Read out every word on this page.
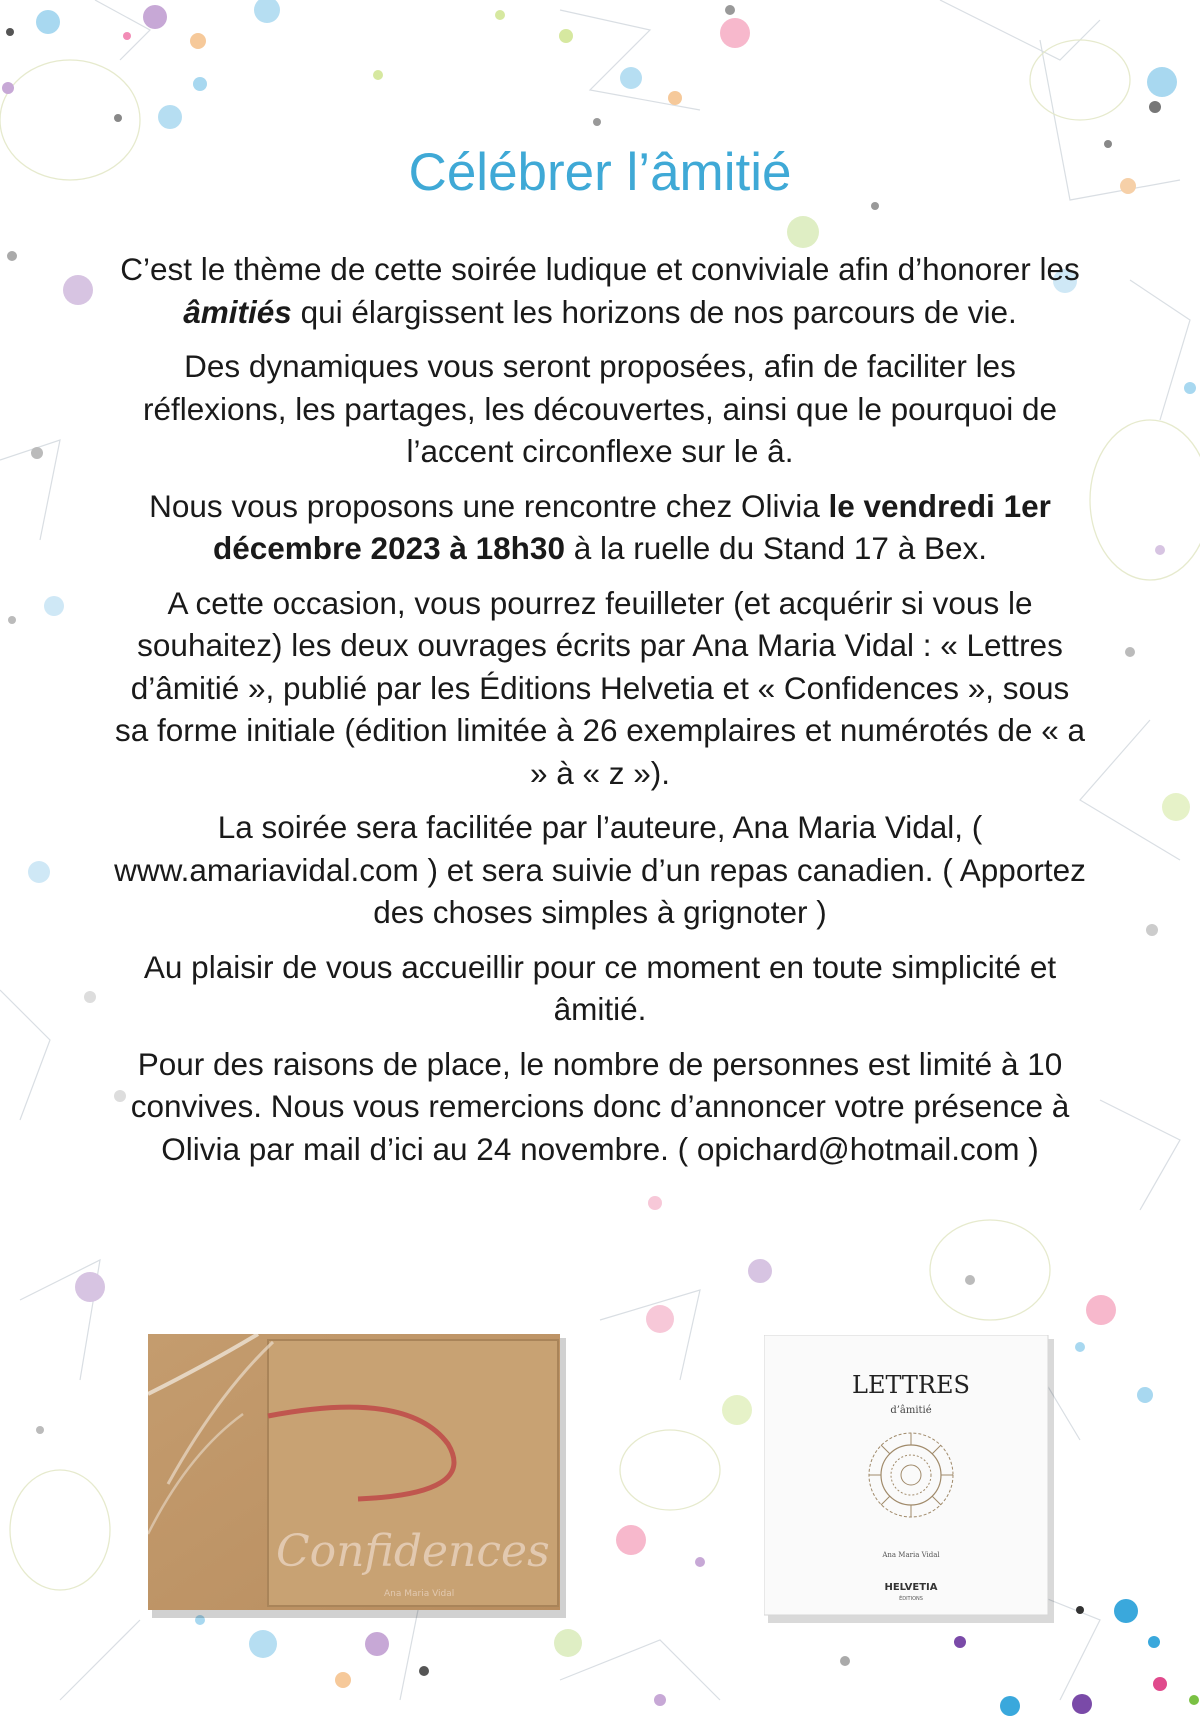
Célébrer l’âmitié

C’est le thème de cette soirée ludique et conviviale afin d’honorer les âmitiés qui élargissent les horizons de nos parcours de vie.

Des dynamiques vous seront proposées, afin de faciliter les réflexions, les partages, les découvertes, ainsi que le pourquoi de l’accent circonflexe sur le â.

Nous vous proposons une rencontre chez Olivia le vendredi 1er décembre 2023 à 18h30 à la ruelle du Stand 17 à Bex.

A cette occasion, vous pourrez feuilleter (et acquérir si vous le souhaitez) les deux ouvrages écrits par Ana Maria Vidal : « Lettres d’âmitié », publié par les Éditions Helvetia et « Confidences », sous sa forme initiale (édition limitée à 26 exemplaires et numérotés de « a » à « z »).

La soirée sera facilitée par l’auteure, Ana Maria Vidal, ( www.amariavidal.com ) et sera suivie d’un repas canadien. ( Apportez des choses simples à grignoter )

Au plaisir de vous accueillir pour ce moment en toute simplicité et âmitié.

Pour des raisons de place, le nombre de personnes est limité à 10 convives. Nous vous remercions donc d’annoncer votre présence à Olivia par mail d’ici au 24 novembre. ( opichard@hotmail.com )

Confidences
Ana Maria Vidal
LETTRES
d’âmitié
Ana Maria Vidal
HELVETIA
ÉDITIONS
